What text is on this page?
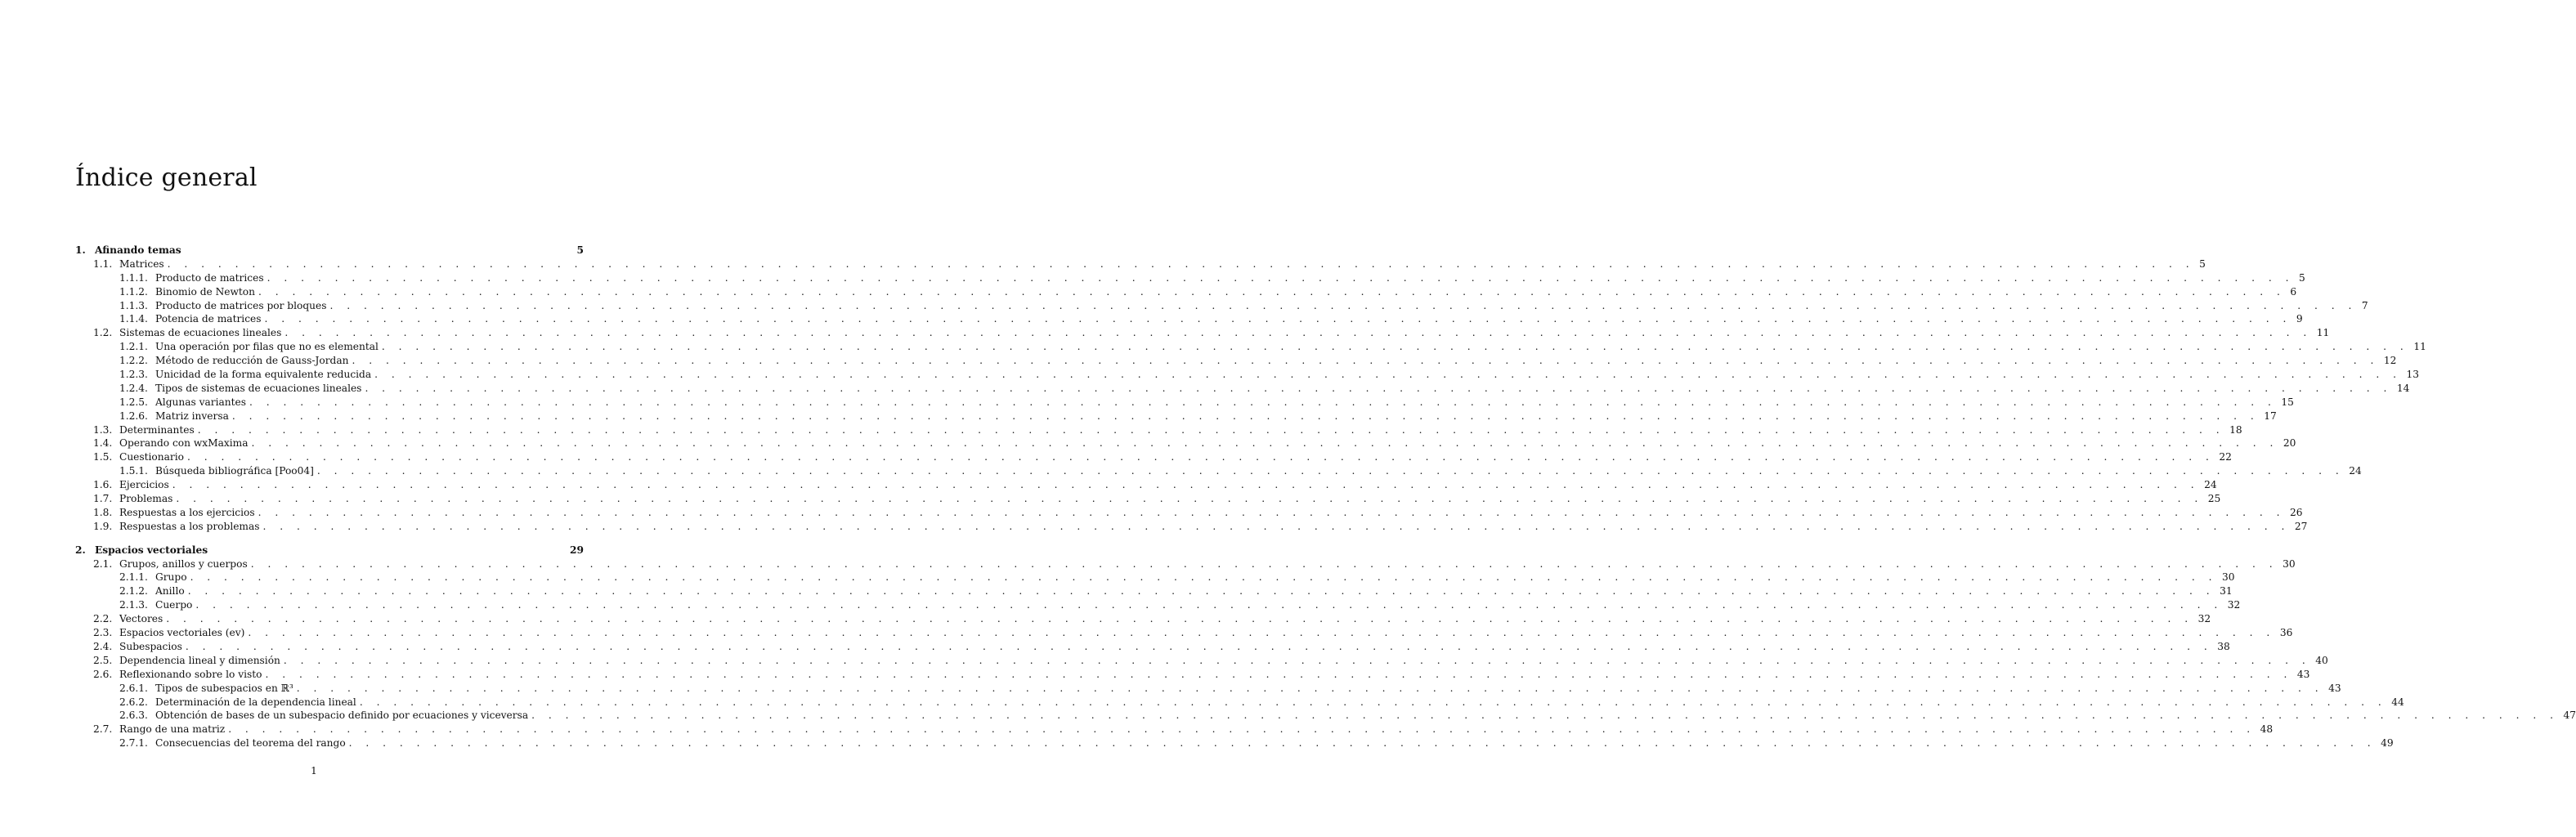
Índice general
1. Afinando temas	5
1.1. Matrices . . . . . . . . . . . . . . . . . . . . . . . . . . . . . . . . . . . . . . . . . . . . . . . . . . . . . . . . . . . . . . . . . . . . . . . . . . . . . . . . . . . . . . . . . . . . . . . . . . . . . . . . . . . . . . . . . . . . . . . . 5
1.1.1. Producto de matrices . . . . . . . . . . . . . . . . . . . . . . . . . . . . . . . . . . . . . . . . . . . . . . . . . . . . . . . . . . . . . . . . . . . . . . . . . . . . . . . . . . . . . . . . . . . . . . . . . . . . . . . . . . . . . . . . . . . . . . . . 5
1.1.2. Binomio de Newton . . . . . . . . . . . . . . . . . . . . . . . . . . . . . . . . . . . . . . . . . . . . . . . . . . . . . . . . . . . . . . . . . . . . . . . . . . . . . . . . . . . . . . . . . . . . . . . . . . . . . . . . . . . . . . . . . . . . . . . . 6
1.1.3. Producto de matrices por bloques . . . . . . . . . . . . . . . . . . . . . . . . . . . . . . . . . . . . . . . . . . . . . . . . . . . . . . . . . . . . . . . . . . . . . . . . . . . . . . . . . . . . . . . . . . . . . . . . . . . . . . . . . . . . . . . . . . . . . . . . 7
1.1.4. Potencia de matrices . . . . . . . . . . . . . . . . . . . . . . . . . . . . . . . . . . . . . . . . . . . . . . . . . . . . . . . . . . . . . . . . . . . . . . . . . . . . . . . . . . . . . . . . . . . . . . . . . . . . . . . . . . . . . . . . . . . . . . . . 9
1.2. Sistemas de ecuaciones lineales . . . . . . . . . . . . . . . . . . . . . . . . . . . . . . . . . . . . . . . . . . . . . . . . . . . . . . . . . . . . . . . . . . . . . . . . . . . . . . . . . . . . . . . . . . . . . . . . . . . . . . . . . . . . . . . . . . . . . . . . 11
1.2.1. Una operación por filas que no es elemental . . . . . . . . . . . . . . . . . . . . . . . . . . . . . . . . . . . . . . . . . . . . . . . . . . . . . . . . . . . . . . . . . . . . . . . . . . . . . . . . . . . . . . . . . . . . . . . . . . . . . . . . . . . . . . . . . . . . . . . . 11
1.2.2. Método de reducción de Gauss-Jordan . . . . . . . . . . . . . . . . . . . . . . . . . . . . . . . . . . . . . . . . . . . . . . . . . . . . . . . . . . . . . . . . . . . . . . . . . . . . . . . . . . . . . . . . . . . . . . . . . . . . . . . . . . . . . . . . . . . . . . . . 12
1.2.3. Unicidad de la forma equivalente reducida . . . . . . . . . . . . . . . . . . . . . . . . . . . . . . . . . . . . . . . . . . . . . . . . . . . . . . . . . . . . . . . . . . . . . . . . . . . . . . . . . . . . . . . . . . . . . . . . . . . . . . . . . . . . . . . . . . . . . . . . 13
1.2.4. Tipos de sistemas de ecuaciones lineales . . . . . . . . . . . . . . . . . . . . . . . . . . . . . . . . . . . . . . . . . . . . . . . . . . . . . . . . . . . . . . . . . . . . . . . . . . . . . . . . . . . . . . . . . . . . . . . . . . . . . . . . . . . . . . . . . . . . . . . . 14
1.2.5. Algunas variantes . . . . . . . . . . . . . . . . . . . . . . . . . . . . . . . . . . . . . . . . . . . . . . . . . . . . . . . . . . . . . . . . . . . . . . . . . . . . . . . . . . . . . . . . . . . . . . . . . . . . . . . . . . . . . . . . . . . . . . . . 15
1.2.6. Matriz inversa . . . . . . . . . . . . . . . . . . . . . . . . . . . . . . . . . . . . . . . . . . . . . . . . . . . . . . . . . . . . . . . . . . . . . . . . . . . . . . . . . . . . . . . . . . . . . . . . . . . . . . . . . . . . . . . . . . . . . . . . 17
1.3. Determinantes . . . . . . . . . . . . . . . . . . . . . . . . . . . . . . . . . . . . . . . . . . . . . . . . . . . . . . . . . . . . . . . . . . . . . . . . . . . . . . . . . . . . . . . . . . . . . . . . . . . . . . . . . . . . . . . . . . . . . . . . 18
1.4. Operando con wxMaxima . . . . . . . . . . . . . . . . . . . . . . . . . . . . . . . . . . . . . . . . . . . . . . . . . . . . . . . . . . . . . . . . . . . . . . . . . . . . . . . . . . . . . . . . . . . . . . . . . . . . . . . . . . . . . . . . . . . . . . . . 20
1.5. Cuestionario . . . . . . . . . . . . . . . . . . . . . . . . . . . . . . . . . . . . . . . . . . . . . . . . . . . . . . . . . . . . . . . . . . . . . . . . . . . . . . . . . . . . . . . . . . . . . . . . . . . . . . . . . . . . . . . . . . . . . . . . 22
1.5.1. Búsqueda bibliográfica [Poo04] . . . . . . . . . . . . . . . . . . . . . . . . . . . . . . . . . . . . . . . . . . . . . . . . . . . . . . . . . . . . . . . . . . . . . . . . . . . . . . . . . . . . . . . . . . . . . . . . . . . . . . . . . . . . . . . . . . . . . . . . 24
1.6. Ejercicios . . . . . . . . . . . . . . . . . . . . . . . . . . . . . . . . . . . . . . . . . . . . . . . . . . . . . . . . . . . . . . . . . . . . . . . . . . . . . . . . . . . . . . . . . . . . . . . . . . . . . . . . . . . . . . . . . . . . . . . . 24
1.7. Problemas . . . . . . . . . . . . . . . . . . . . . . . . . . . . . . . . . . . . . . . . . . . . . . . . . . . . . . . . . . . . . . . . . . . . . . . . . . . . . . . . . . . . . . . . . . . . . . . . . . . . . . . . . . . . . . . . . . . . . . . . 25
1.8. Respuestas a los ejercicios . . . . . . . . . . . . . . . . . . . . . . . . . . . . . . . . . . . . . . . . . . . . . . . . . . . . . . . . . . . . . . . . . . . . . . . . . . . . . . . . . . . . . . . . . . . . . . . . . . . . . . . . . . . . . . . . . . . . . . . . 26
1.9. Respuestas a los problemas . . . . . . . . . . . . . . . . . . . . . . . . . . . . . . . . . . . . . . . . . . . . . . . . . . . . . . . . . . . . . . . . . . . . . . . . . . . . . . . . . . . . . . . . . . . . . . . . . . . . . . . . . . . . . . . . . . . . . . . . 27
2. Espacios vectoriales	29
2.1. Grupos, anillos y cuerpos . . . . . . . . . . . . . . . . . . . . . . . . . . . . . . . . . . . . . . . . . . . . . . . . . . . . . . . . . . . . . . . . . . . . . . . . . . . . . . . . . . . . . . . . . . . . . . . . . . . . . . . . . . . . . . . . . . . . . . . . 30
2.1.1. Grupo . . . . . . . . . . . . . . . . . . . . . . . . . . . . . . . . . . . . . . . . . . . . . . . . . . . . . . . . . . . . . . . . . . . . . . . . . . . . . . . . . . . . . . . . . . . . . . . . . . . . . . . . . . . . . . . . . . . . . . . . 30
2.1.2. Anillo . . . . . . . . . . . . . . . . . . . . . . . . . . . . . . . . . . . . . . . . . . . . . . . . . . . . . . . . . . . . . . . . . . . . . . . . . . . . . . . . . . . . . . . . . . . . . . . . . . . . . . . . . . . . . . . . . . . . . . . . 31
2.1.3. Cuerpo . . . . . . . . . . . . . . . . . . . . . . . . . . . . . . . . . . . . . . . . . . . . . . . . . . . . . . . . . . . . . . . . . . . . . . . . . . . . . . . . . . . . . . . . . . . . . . . . . . . . . . . . . . . . . . . . . . . . . . . . 32
2.2. Vectores . . . . . . . . . . . . . . . . . . . . . . . . . . . . . . . . . . . . . . . . . . . . . . . . . . . . . . . . . . . . . . . . . . . . . . . . . . . . . . . . . . . . . . . . . . . . . . . . . . . . . . . . . . . . . . . . . . . . . . . . 32
2.3. Espacios vectoriales (ev) . . . . . . . . . . . . . . . . . . . . . . . . . . . . . . . . . . . . . . . . . . . . . . . . . . . . . . . . . . . . . . . . . . . . . . . . . . . . . . . . . . . . . . . . . . . . . . . . . . . . . . . . . . . . . . . . . . . . . . . . 36
2.4. Subespacios . . . . . . . . . . . . . . . . . . . . . . . . . . . . . . . . . . . . . . . . . . . . . . . . . . . . . . . . . . . . . . . . . . . . . . . . . . . . . . . . . . . . . . . . . . . . . . . . . . . . . . . . . . . . . . . . . . . . . . . . 38
2.5. Dependencia lineal y dimensión . . . . . . . . . . . . . . . . . . . . . . . . . . . . . . . . . . . . . . . . . . . . . . . . . . . . . . . . . . . . . . . . . . . . . . . . . . . . . . . . . . . . . . . . . . . . . . . . . . . . . . . . . . . . . . . . . . . . . . . . 40
2.6. Reflexionando sobre lo visto . . . . . . . . . . . . . . . . . . . . . . . . . . . . . . . . . . . . . . . . . . . . . . . . . . . . . . . . . . . . . . . . . . . . . . . . . . . . . . . . . . . . . . . . . . . . . . . . . . . . . . . . . . . . . . . . . . . . . . . . 43
2.6.1. Tipos de subespacios en ℝ³ . . . . . . . . . . . . . . . . . . . . . . . . . . . . . . . . . . . . . . . . . . . . . . . . . . . . . . . . . . . . . . . . . . . . . . . . . . . . . . . . . . . . . . . . . . . . . . . . . . . . . . . . . . . . . . . . . . . . . . . . 43
2.6.2. Determinación de la dependencia lineal . . . . . . . . . . . . . . . . . . . . . . . . . . . . . . . . . . . . . . . . . . . . . . . . . . . . . . . . . . . . . . . . . . . . . . . . . . . . . . . . . . . . . . . . . . . . . . . . . . . . . . . . . . . . . . . . . . . . . . . . 44
2.6.3. Obtención de bases de un subespacio definido por ecuaciones y viceversa . . . . . . . . . . . . . . . . . . . . . . . . . . . . . . . . . . . . . . . . . . . . . . . . . . . . . . . . . . . . . . . . . . . . . . . . . . . . . . . . . . . . . . . . . . . . . . . . . . . . . . . . . . . . . . . . . . . . . . . . 47
2.7. Rango de una matriz . . . . . . . . . . . . . . . . . . . . . . . . . . . . . . . . . . . . . . . . . . . . . . . . . . . . . . . . . . . . . . . . . . . . . . . . . . . . . . . . . . . . . . . . . . . . . . . . . . . . . . . . . . . . . . . . . . . . . . . . 48
2.7.1. Consecuencias del teorema del rango . . . . . . . . . . . . . . . . . . . . . . . . . . . . . . . . . . . . . . . . . . . . . . . . . . . . . . . . . . . . . . . . . . . . . . . . . . . . . . . . . . . . . . . . . . . . . . . . . . . . . . . . . . . . . . . . . . . . . . . . 49
1
